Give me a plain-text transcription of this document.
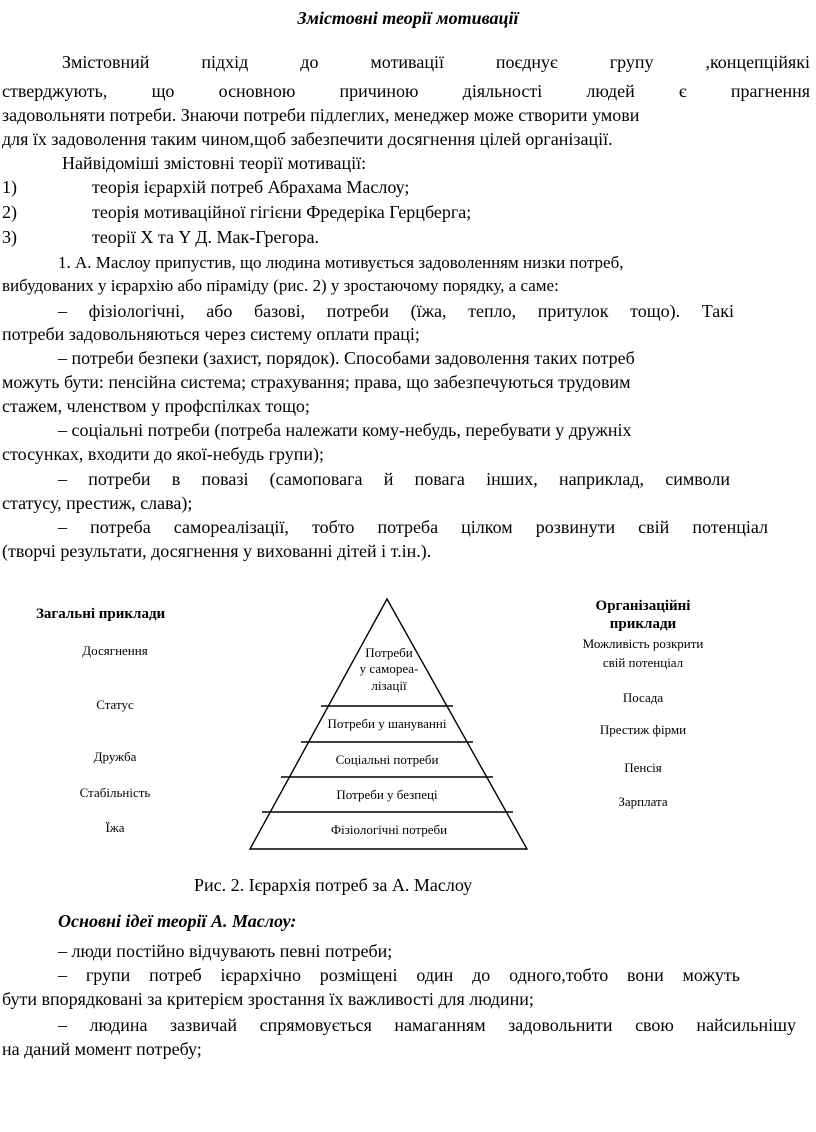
Змістовні теорії мотивації
Змістовний підхід до мотивації поєднує групу ,концепційякі
стверджують, що основною причиною діяльності людей є прагнення
задовольняти потреби. Знаючи потреби підлеглих, менеджер може створити умови
для їх задоволення таким чином,щоб забезпечити досягнення цілей організації.
Найвідоміші змістовні теорії мотивації:
1)	теорія ієрархій потреб Абрахама Маслоу;
2)	теорія мотиваційної гігієни Фредеріка Герцберга;
3)	теорії X та Y Д. Мак-Грегора.
1. А. Маслоу припустив, що людина мотивується задоволенням низки потреб,
вибудованих у ієрархію або піраміду (рис. 2) у зростаючому порядку, а саме:
– фізіологічні, або базові, потреби (їжа, тепло, притулок тощо). Такі
потреби задовольняються через систему оплати праці;
– потреби безпеки (захист, порядок). Способами задоволення таких потреб
можуть бути: пенсійна система; страхування; права, що забезпечуються трудовим
стажем, членством у профспілках тощо;
– соціальні потреби (потреба належати кому-небудь, перебувати у дружніх
стосунках, входити до якої-небудь групи);
– потреби в повазі (самоповага й повага інших, наприклад, символи
статусу, престиж, слава);
– потреба самореалізації, тобто потреба цілком розвинути свій потенціал
(творчі результати, досягнення у вихованні дітей і т.ін.).
Загальні приклади
Досягнення
Статус
Дружба
Стабільність
Їжа
Організаційні
приклади
Можливість розкрити
свій потенціал
Посада
Престиж фірми
Пенсія
Зарплата
Потреби
у самореа-
лізації
Потреби у шануванні
Соціальні потреби
Потреби у безпеці
Фізіологічні потреби
Рис. 2. Ієрархія потреб за А. Маслоу
Основні ідеї теорії А. Маслоу:
– люди постійно відчувають певні потреби;
– групи потреб ієрархічно розміщені один до одного,тобто вони можуть
бути впорядковані за критерієм зростання їх важливості для людини;
– людина зазвичай спрямовується намаганням задовольнити свою найсильнішу
на даний момент потребу;
